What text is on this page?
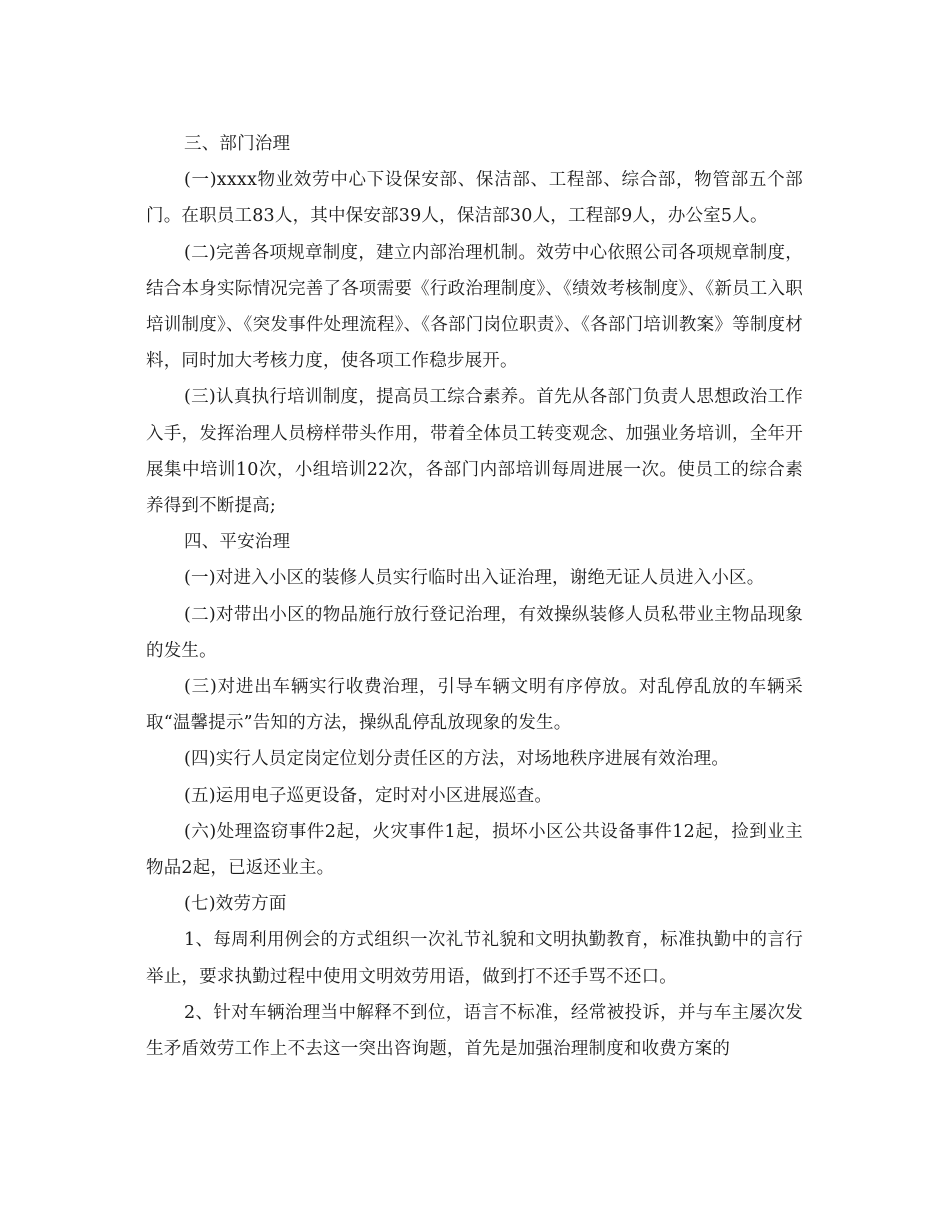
三、部门治理

(一)xxxx物业效劳中心下设保安部、保洁部、工程部、综合部，物管部五个部门。在职员工83人，其中保安部39人，保洁部30人，工程部9人，办公室5人。

(二)完善各项规章制度，建立内部治理机制。效劳中心依照公司各项规章制度，结合本身实际情况完善了各项需要《行政治理制度》、《绩效考核制度》、《新员工入职培训制度》、《突发事件处理流程》、《各部门岗位职责》、《各部门培训教案》等制度材料，同时加大考核力度，使各项工作稳步展开。

(三)认真执行培训制度，提高员工综合素养。首先从各部门负责人思想政治工作入手，发挥治理人员榜样带头作用，带着全体员工转变观念、加强业务培训，全年开展集中培训10次，小组培训22次，各部门内部培训每周进展一次。使员工的综合素养得到不断提高;

四、平安治理

(一)对进入小区的装修人员实行临时出入证治理，谢绝无证人员进入小区。

(二)对带出小区的物品施行放行登记治理，有效操纵装修人员私带业主物品现象的发生。

(三)对进出车辆实行收费治理，引导车辆文明有序停放。对乱停乱放的车辆采取“温馨提示”告知的方法，操纵乱停乱放现象的发生。

(四)实行人员定岗定位划分责任区的方法，对场地秩序进展有效治理。

(五)运用电子巡更设备，定时对小区进展巡查。

(六)处理盗窃事件2起，火灾事件1起，损坏小区公共设备事件12起，捡到业主物品2起，已返还业主。

(七)效劳方面

1、每周利用例会的方式组织一次礼节礼貌和文明执勤教育，标准执勤中的言行举止，要求执勤过程中使用文明效劳用语，做到打不还手骂不还口。

2、针对车辆治理当中解释不到位，语言不标准，经常被投诉，并与车主屡次发生矛盾效劳工作上不去这一突出咨询题，首先是加强治理制度和收费方案的
